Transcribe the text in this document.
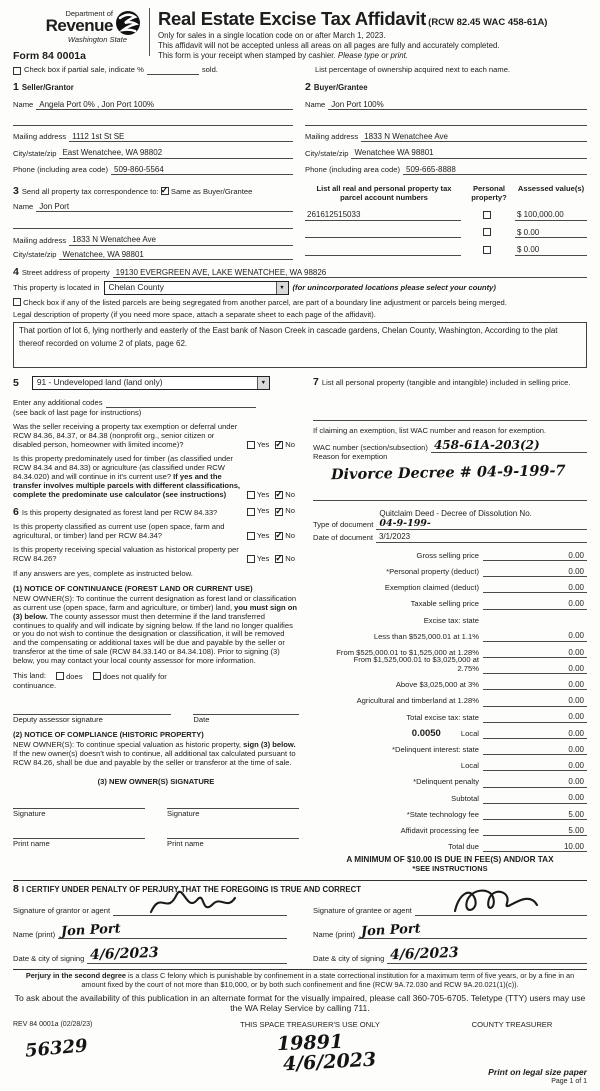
Department of
Revenue
Washington State
Form 84 0001a
Real Estate Excise Tax Affidavit (RCW 82.45 WAC 458-61A)
Only for sales in a single location code on or after March 1, 2023.
This affidavit will not be accepted unless all areas on all pages are fully and accurately completed.
This form is your receipt when stamped by cashier. Please type or print.
Check box if partial sale, indicate %	sold.	List percentage of ownership acquired next to each name.
1 Seller/Grantor
Name Angela Port 0% , Jon Port 100%
Mailing address 1112 1st St SE
City/state/zip East Wenatchee, WA 98802
Phone (including area code) 509-860-5564
2 Buyer/Grantee
Name Jon Port 100%
Mailing address 1833 N Wenatchee Ave
City/state/zip Wenatchee WA 98801
Phone (including area code) 509-665-8888
3 Send all property tax correspondence to: ✓ Same as Buyer/Grantee
Name Jon Port
Mailing address 1833 N Wenatchee Ave
City/state/zip Wenatchee, WA 98801
List all real and personal property tax parcel account numbers
Personal property?
Assessed value(s)
261612515033	$ 100,000.00
$ 0.00
$ 0.00
4 Street address of property 19130 EVERGREEN AVE, LAKE WENATCHEE, WA 98826
This property is located in	Chelan County ▼	(for unincorporated locations please select your county)
Check box if any of the listed parcels are being segregated from another parcel, are part of a boundary line adjustment or parcels being merged.
Legal description of property (if you need more space, attach a separate sheet to each page of the affidavit).
That portion of lot 6, lying northerly and easterly of the East bank of Nason Creek in cascade gardens, Chelan County, Washington, According to the plat thereof recorded on volume 2 of plats, page 62.
5	91 - Undeveloped land (land only)
▼
Enter any additional codes
(see back of last page for instructions)
Was the seller receiving a property tax exemption or deferral under RCW 84.36, 84.37, or 84.38 (nonprofit org., senior citizen or disabled person, homeowner with limited income)?	Yes ✓ No
Is this property predominately used for timber (as classified under RCW 84.34 and 84.33) or agriculture (as classified under RCW 84.34.020) and will continue in it's current use? If yes and the transfer involves multiple parcels with different classifications, complete the predominate use calculator (see instructions)	Yes ✓ No
6 Is this property designated as forest land per RCW 84.33?	Yes ✓ No
Is this property classified as current use (open space, farm and agricultural, or timber) land per RCW 84.34?	Yes ✓ No
Is this property receiving special valuation as historical property per RCW 84.26?	Yes ✓ No
If any answers are yes, complete as instructed below.
(1) NOTICE OF CONTINUANCE (FOREST LAND OR CURRENT USE)
NEW OWNER(S): To continue the current designation as forest land or classification as current use (open space, farm and agriculture, or timber) land, you must sign on (3) below. The county assessor must then determine if the land transferred continues to qualify and will indicate by signing below. If the land no longer qualifies or you do not wish to continue the designation or classification, it will be removed and the compensating or additional taxes will be due and payable by the seller or transferor at the time of sale (RCW 84.33.140 or 84.34.108). Prior to signing (3) below, you may contact your local county assessor for more information.
This land:	does	does not qualify for
continuance.
Deputy assessor signature	Date
(2) NOTICE OF COMPLIANCE (HISTORIC PROPERTY)
NEW OWNER(S): To continue special valuation as historic property, sign (3) below. If the new owner(s) doesn't wish to continue, all additional tax calculated pursuant to RCW 84.26, shall be due and payable by the seller or transferor at the time of sale.
(3) NEW OWNER(S) SIGNATURE
Signature	Signature
Print name	Print name
7 List all personal property (tangible and intangible) included in selling price.
If claiming an exemption, list WAC number and reason for exemption.
WAC number (section/subsection) 458-61A-203(2)
Reason for exemption
Divorce Decree # 04-9-199-7
Type of document
Quitclaim Deed - Decree of Dissolution No. 04-9-199-
Date of document 3/1/2023
Gross selling price	0.00
*Personal property (deduct)	0.00
Exemption claimed (deduct)	0.00
Taxable selling price	0.00
Excise tax: state
Less than $525,000.01 at 1.1%	0.00
From $525,000.01 to $1,525,000 at 1.28%	0.00
From $1,525,000.01 to $3,025,000 at 2.75%	0.00
Above $3,025,000 at 3%	0.00
Agricultural and timberland at 1.28%	0.00
Total excise tax: state	0.00
0.0050	Local	0.00
*Delinquent interest: state	0.00
Local	0.00
*Delinquent penalty	0.00
Subtotal	0.00
*State technology fee	5.00
Affidavit processing fee	5.00
Total due	10.00
A MINIMUM OF $10.00 IS DUE IN FEE(S) AND/OR TAX
*SEE INSTRUCTIONS
8 I CERTIFY UNDER PENALTY OF PERJURY THAT THE FOREGOING IS TRUE AND CORRECT
Signature of grantor or agent
Name (print) Jon Port
Date & city of signing 4/6/2023
Signature of grantee or agent
Name (print) Jon Port
Date & city of signing 4/6/2023
Perjury in the second degree is a class C felony which is punishable by confinement in a state correctional institution for a maximum term of five years, or by a fine in an amount fixed by the court of not more than $10,000, or by both such confinement and fine (RCW 9A.72.030 and RCW 9A.20.021(1)(c)).
To ask about the availability of this publication in an alternate format for the visually impaired, please call 360-705-6705. Teletype (TTY) users may use the WA Relay Service by calling 711.
REV 84 0001a (02/28/23)
56329
THIS SPACE TREASURER'S USE ONLY
19891
4/6/2023
COUNTY TREASURER
Print on legal size paper
Page 1 of 1
